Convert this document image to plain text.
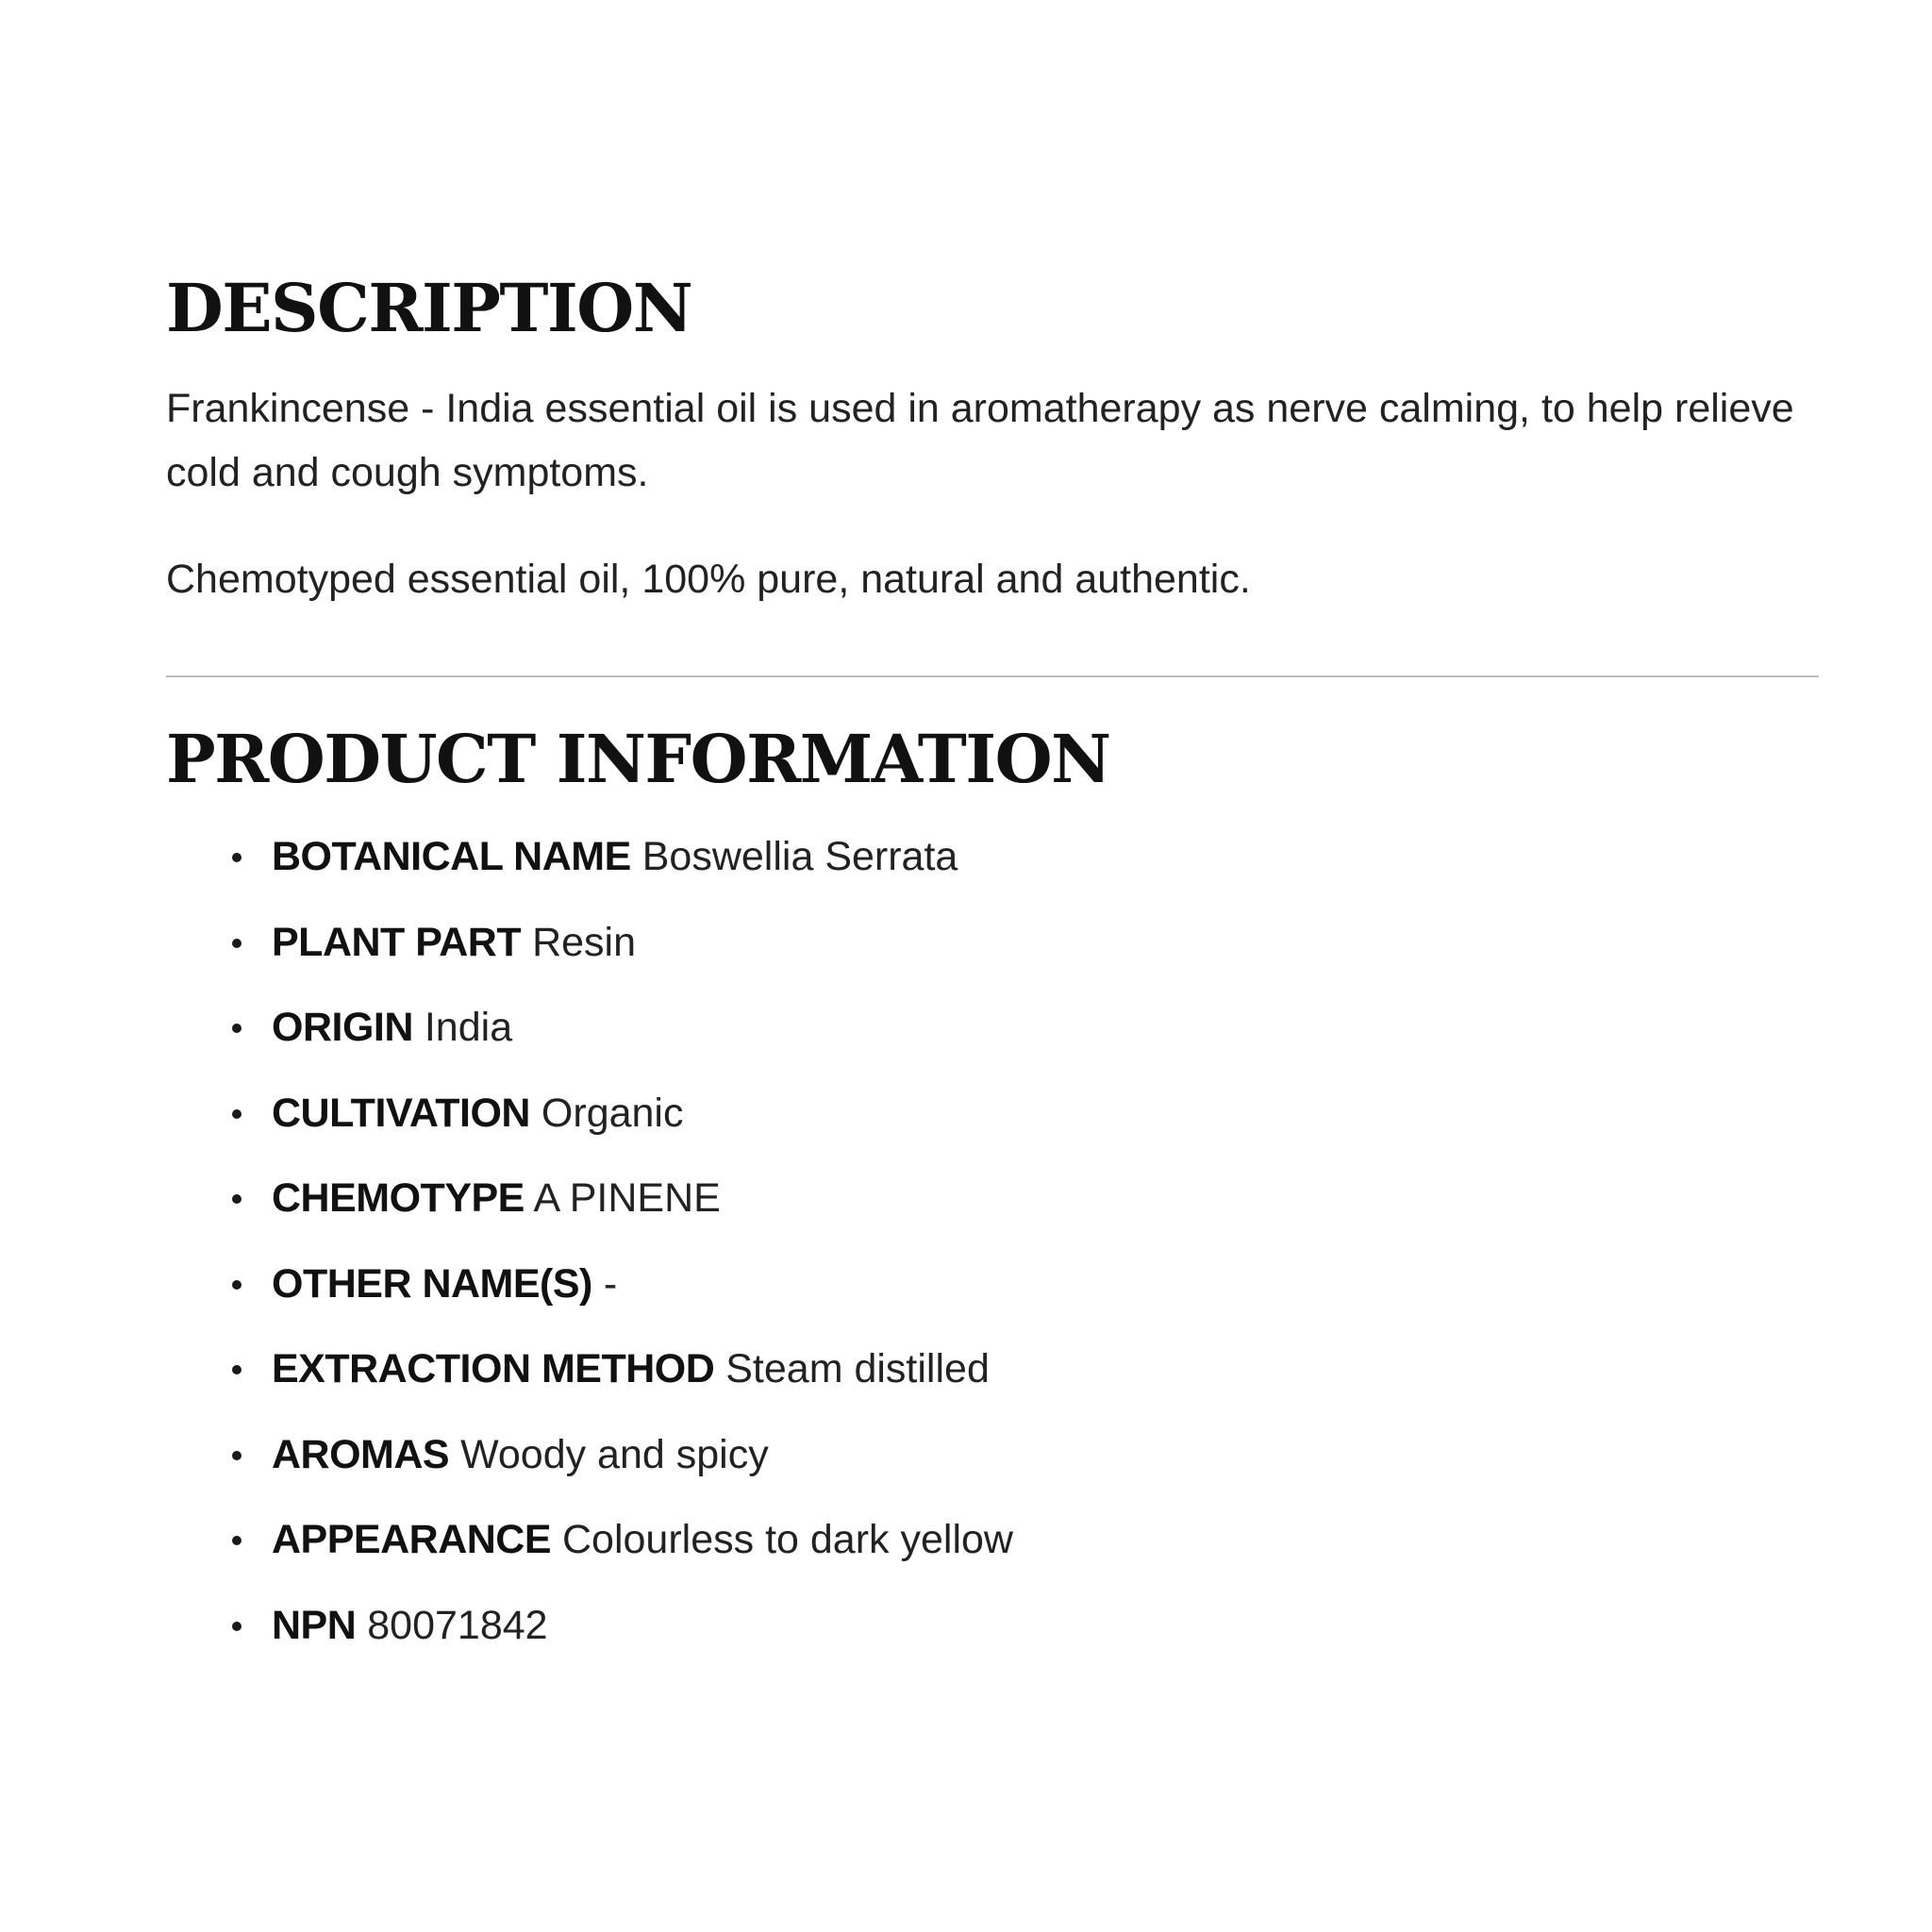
DESCRIPTION

Frankincense - India essential oil is used in aromatherapy as nerve calming, to help relieve cold and cough symptoms.

Chemotyped essential oil, 100% pure, natural and authentic.

PRODUCT INFORMATION
BOTANICAL NAME Boswellia Serrata
PLANT PART Resin
ORIGIN India
CULTIVATION Organic
CHEMOTYPE A PINENE
OTHER NAME(S) -
EXTRACTION METHOD Steam distilled
AROMAS Woody and spicy
APPEARANCE Colourless to dark yellow
NPN 80071842
